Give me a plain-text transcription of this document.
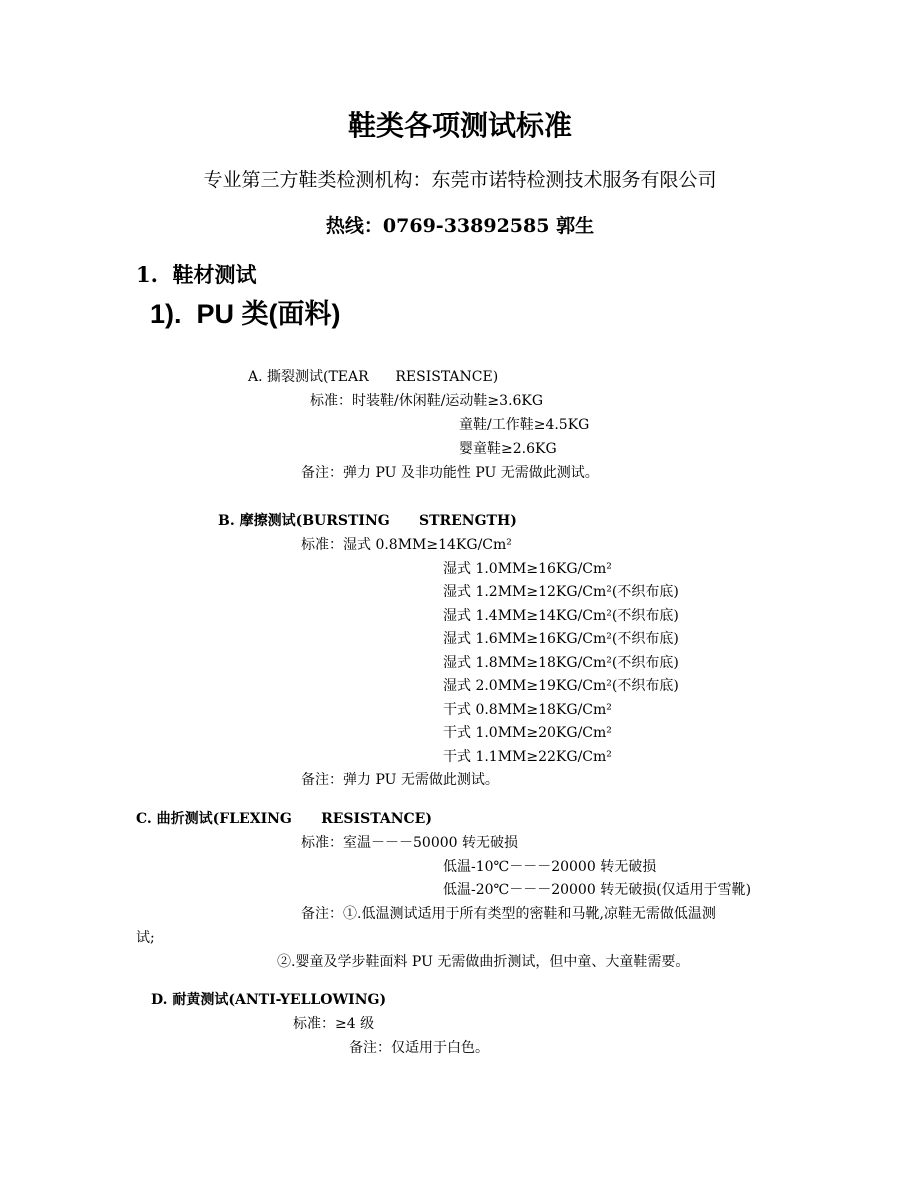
鞋类各项测试标准
专业第三方鞋类检测机构：东莞市诺特检测技术服务有限公司
热线：0769-33892585 郭生
1.  鞋材测试
1).  PU 类(面料)
A. 撕裂测试(TEAR      RESISTANCE)
标准：时装鞋/休闲鞋/运动鞋≥3.6KG
童鞋/工作鞋≥4.5KG
婴童鞋≥2.6KG
备注：弹力 PU 及非功能性 PU 无需做此测试。
B. 摩擦测试(BURSTING      STRENGTH)
标准：湿式 0.8MM≥14KG/Cm²
湿式 1.0MM≥16KG/Cm²
湿式 1.2MM≥12KG/Cm²(不织布底)
湿式 1.4MM≥14KG/Cm²(不织布底)
湿式 1.6MM≥16KG/Cm²(不织布底)
湿式 1.8MM≥18KG/Cm²(不织布底)
湿式 2.0MM≥19KG/Cm²(不织布底)
干式 0.8MM≥18KG/Cm²
干式 1.0MM≥20KG/Cm²
干式 1.1MM≥22KG/Cm²
备注：弹力 PU 无需做此测试。
C. 曲折测试(FLEXING      RESISTANCE)
标准：室温－－－50000 转无破损
低温-10℃－－－20000 转无破损
低温-20℃－－－20000 转无破损(仅适用于雪靴)
备注：①.低温测试适用于所有类型的密鞋和马靴,凉鞋无需做低温测
试;
②.婴童及学步鞋面料 PU 无需做曲折测试，但中童、大童鞋需要。
D. 耐黄测试(ANTI-YELLOWING)
标准：≥4 级
备注：仅适用于白色。
